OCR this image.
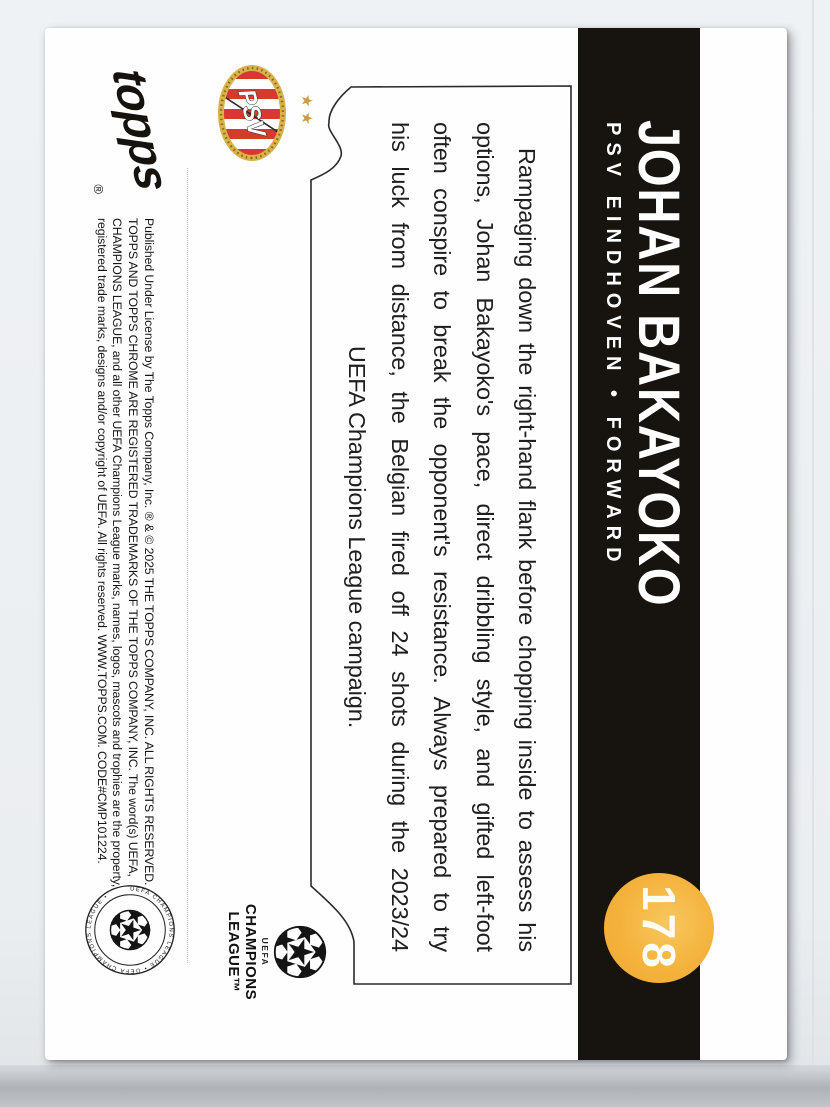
JOHAN BAKAYOKO
PSV EINDHOVEN • FORWARD
178
Rampaging down the right-hand flank before chopping inside to assess his
options, Johan Bakayoko's pace, direct dribbling style, and gifted left-foot
often conspire to break the opponent's resistance. Always prepared to try
his luck from distance, the Belgian fired off 24 shots during the 2023/24
UEFA Champions League campaign.
★★
PSV
topps
®
Published Under License by The Topps Company, Inc. ® & © 2025 THE TOPPS COMPANY, INC. ALL RIGHTS RESERVED.
TOPPS AND TOPPS CHROME ARE REGISTERED TRADEMARKS OF THE TOPPS COMPANY, INC. The word(s) UEFA,
CHAMPIONS LEAGUE, and all other UEFA Champions League marks, names, logos, mascots and trophies are the property,
registered trade marks, designs and/or copyright of UEFA. All rights reserved. WWW.TOPPS.COM. CODE#CMP101224.
UEFA
CHAMPIONS
LEAGUE™
UEFA CHAMPIONS LEAGUE • UEFA CHAMPIONS LEAGUE •
